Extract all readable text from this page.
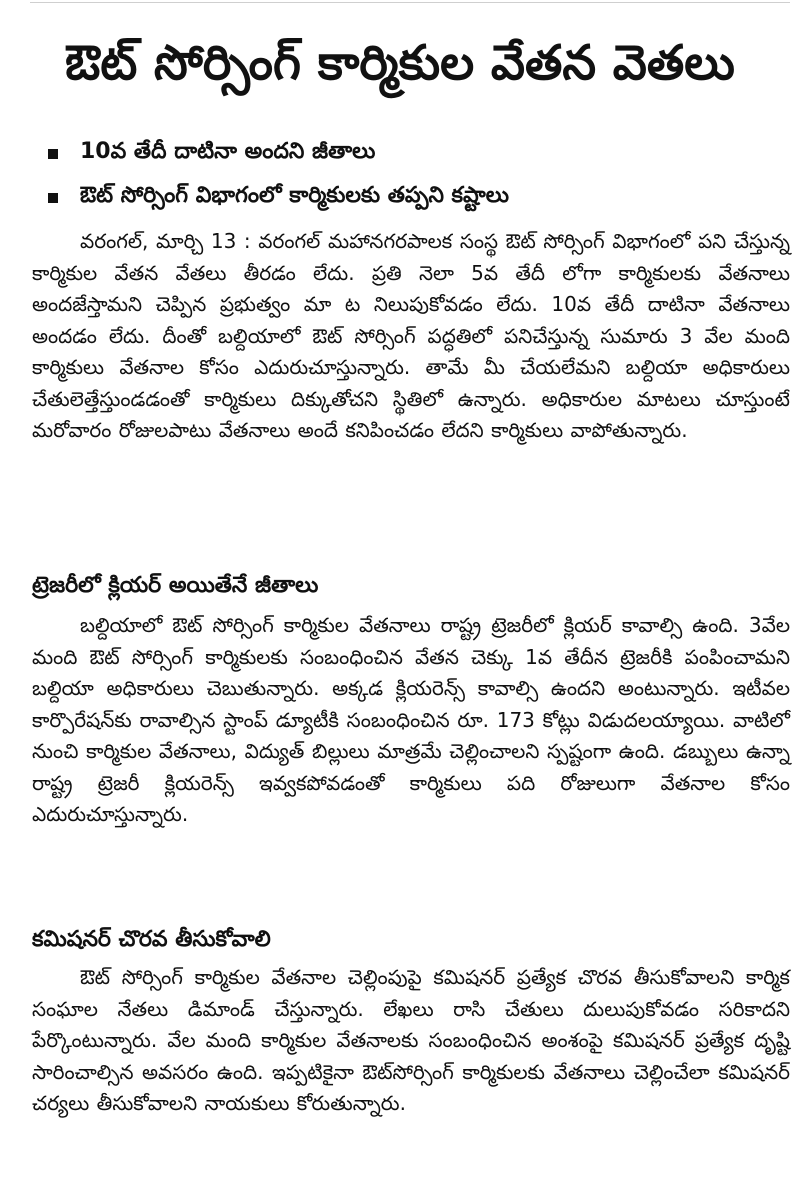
ఔట్ సోర్సింగ్ కార్మికుల వేతన వెతలు
10వ తేదీ దాటినా అందని జీతాలు
ఔట్ సోర్సింగ్ విభాగంలో కార్మికులకు తప్పని కష్టాలు

వరంగల్, మార్చి 13 : వరంగల్ మహానగరపాలక సంస్థ ఔట్ సోర్సింగ్ విభాగంలో పని చేస్తున్న కార్మికుల వేతన వేతలు తీరడం లేదు. ప్రతి నెలా 5వ తేదీ లోగా కార్మికులకు వేతనాలు అందజేస్తామని చెప్పిన ప్రభుత్వం మా ట నిలుపుకోవడం లేదు. 10వ తేదీ దాటినా వేతనాలు అందడం లేదు. దీంతో బల్దియాలో ఔట్ సోర్సింగ్ పద్ధతిలో పనిచేస్తున్న సుమారు 3 వేల మంది కార్మికులు వేతనాల కోసం ఎదురుచూస్తున్నారు. తామే మీ చేయలేమని బల్దియా అధికారులు చేతులెత్తేస్తుండడంతో కార్మికులు దిక్కుతోచని స్థితిలో ఉన్నారు. అధికారుల మాటలు చూస్తుంటే మరోవారం రోజులపాటు వేతనాలు అందే కనిపించడం లేదని కార్మికులు వాపోతున్నారు.

ట్రెజరీలో క్లియర్ అయితేనే జీతాలు

బల్దియాలో ఔట్ సోర్సింగ్ కార్మికుల వేతనాలు రాష్ట్ర ట్రెజరీలో క్లియర్ కావాల్సి ఉంది. 3వేల మంది ఔట్ సోర్సింగ్ కార్మికులకు సంబంధించిన వేతన చెక్కు 1వ తేదీన ట్రెజరీకి పంపించామని బల్దియా అధికారులు చెబుతున్నారు. అక్కడ క్లియరెన్స్ కావాల్సి ఉందని అంటున్నారు. ఇటీవల కార్పొరేషన్‌కు రావాల్సిన స్టాంప్ డ్యూటీకి సంబంధించిన రూ. 173 కోట్లు విడుదలయ్యాయి. వాటిలో నుంచి కార్మికుల వేతనాలు, విద్యుత్ బిల్లులు మాత్రమే చెల్లించాలని స్పష్టంగా ఉంది. డబ్బులు ఉన్నా రాష్ట్ర ట్రెజరీ క్లియరెన్స్ ఇవ్వకపోవడంతో కార్మికులు పది రోజులుగా వేతనాల కోసం ఎదురుచూస్తున్నారు.

కమిషనర్ చొరవ తీసుకోవాలి

ఔట్ సోర్సింగ్ కార్మికుల వేతనాల చెల్లింపుపై కమిషనర్ ప్రత్యేక చొరవ తీసుకోవాలని కార్మిక సంఘాల నేతలు డిమాండ్ చేస్తున్నారు. లేఖలు రాసి చేతులు దులుపుకోవడం సరికాదని పేర్కొంటున్నారు. వేల మంది కార్మికుల వేతనాలకు సంబంధించిన అంశంపై కమిషనర్ ప్రత్యేక దృష్టి సారించాల్సిన అవసరం ఉంది. ఇప్పటికైనా ఔట్‌సోర్సింగ్ కార్మికులకు వేతనాలు చెల్లించేలా కమిషనర్ చర్యలు తీసుకోవాలని నాయకులు కోరుతున్నారు.
